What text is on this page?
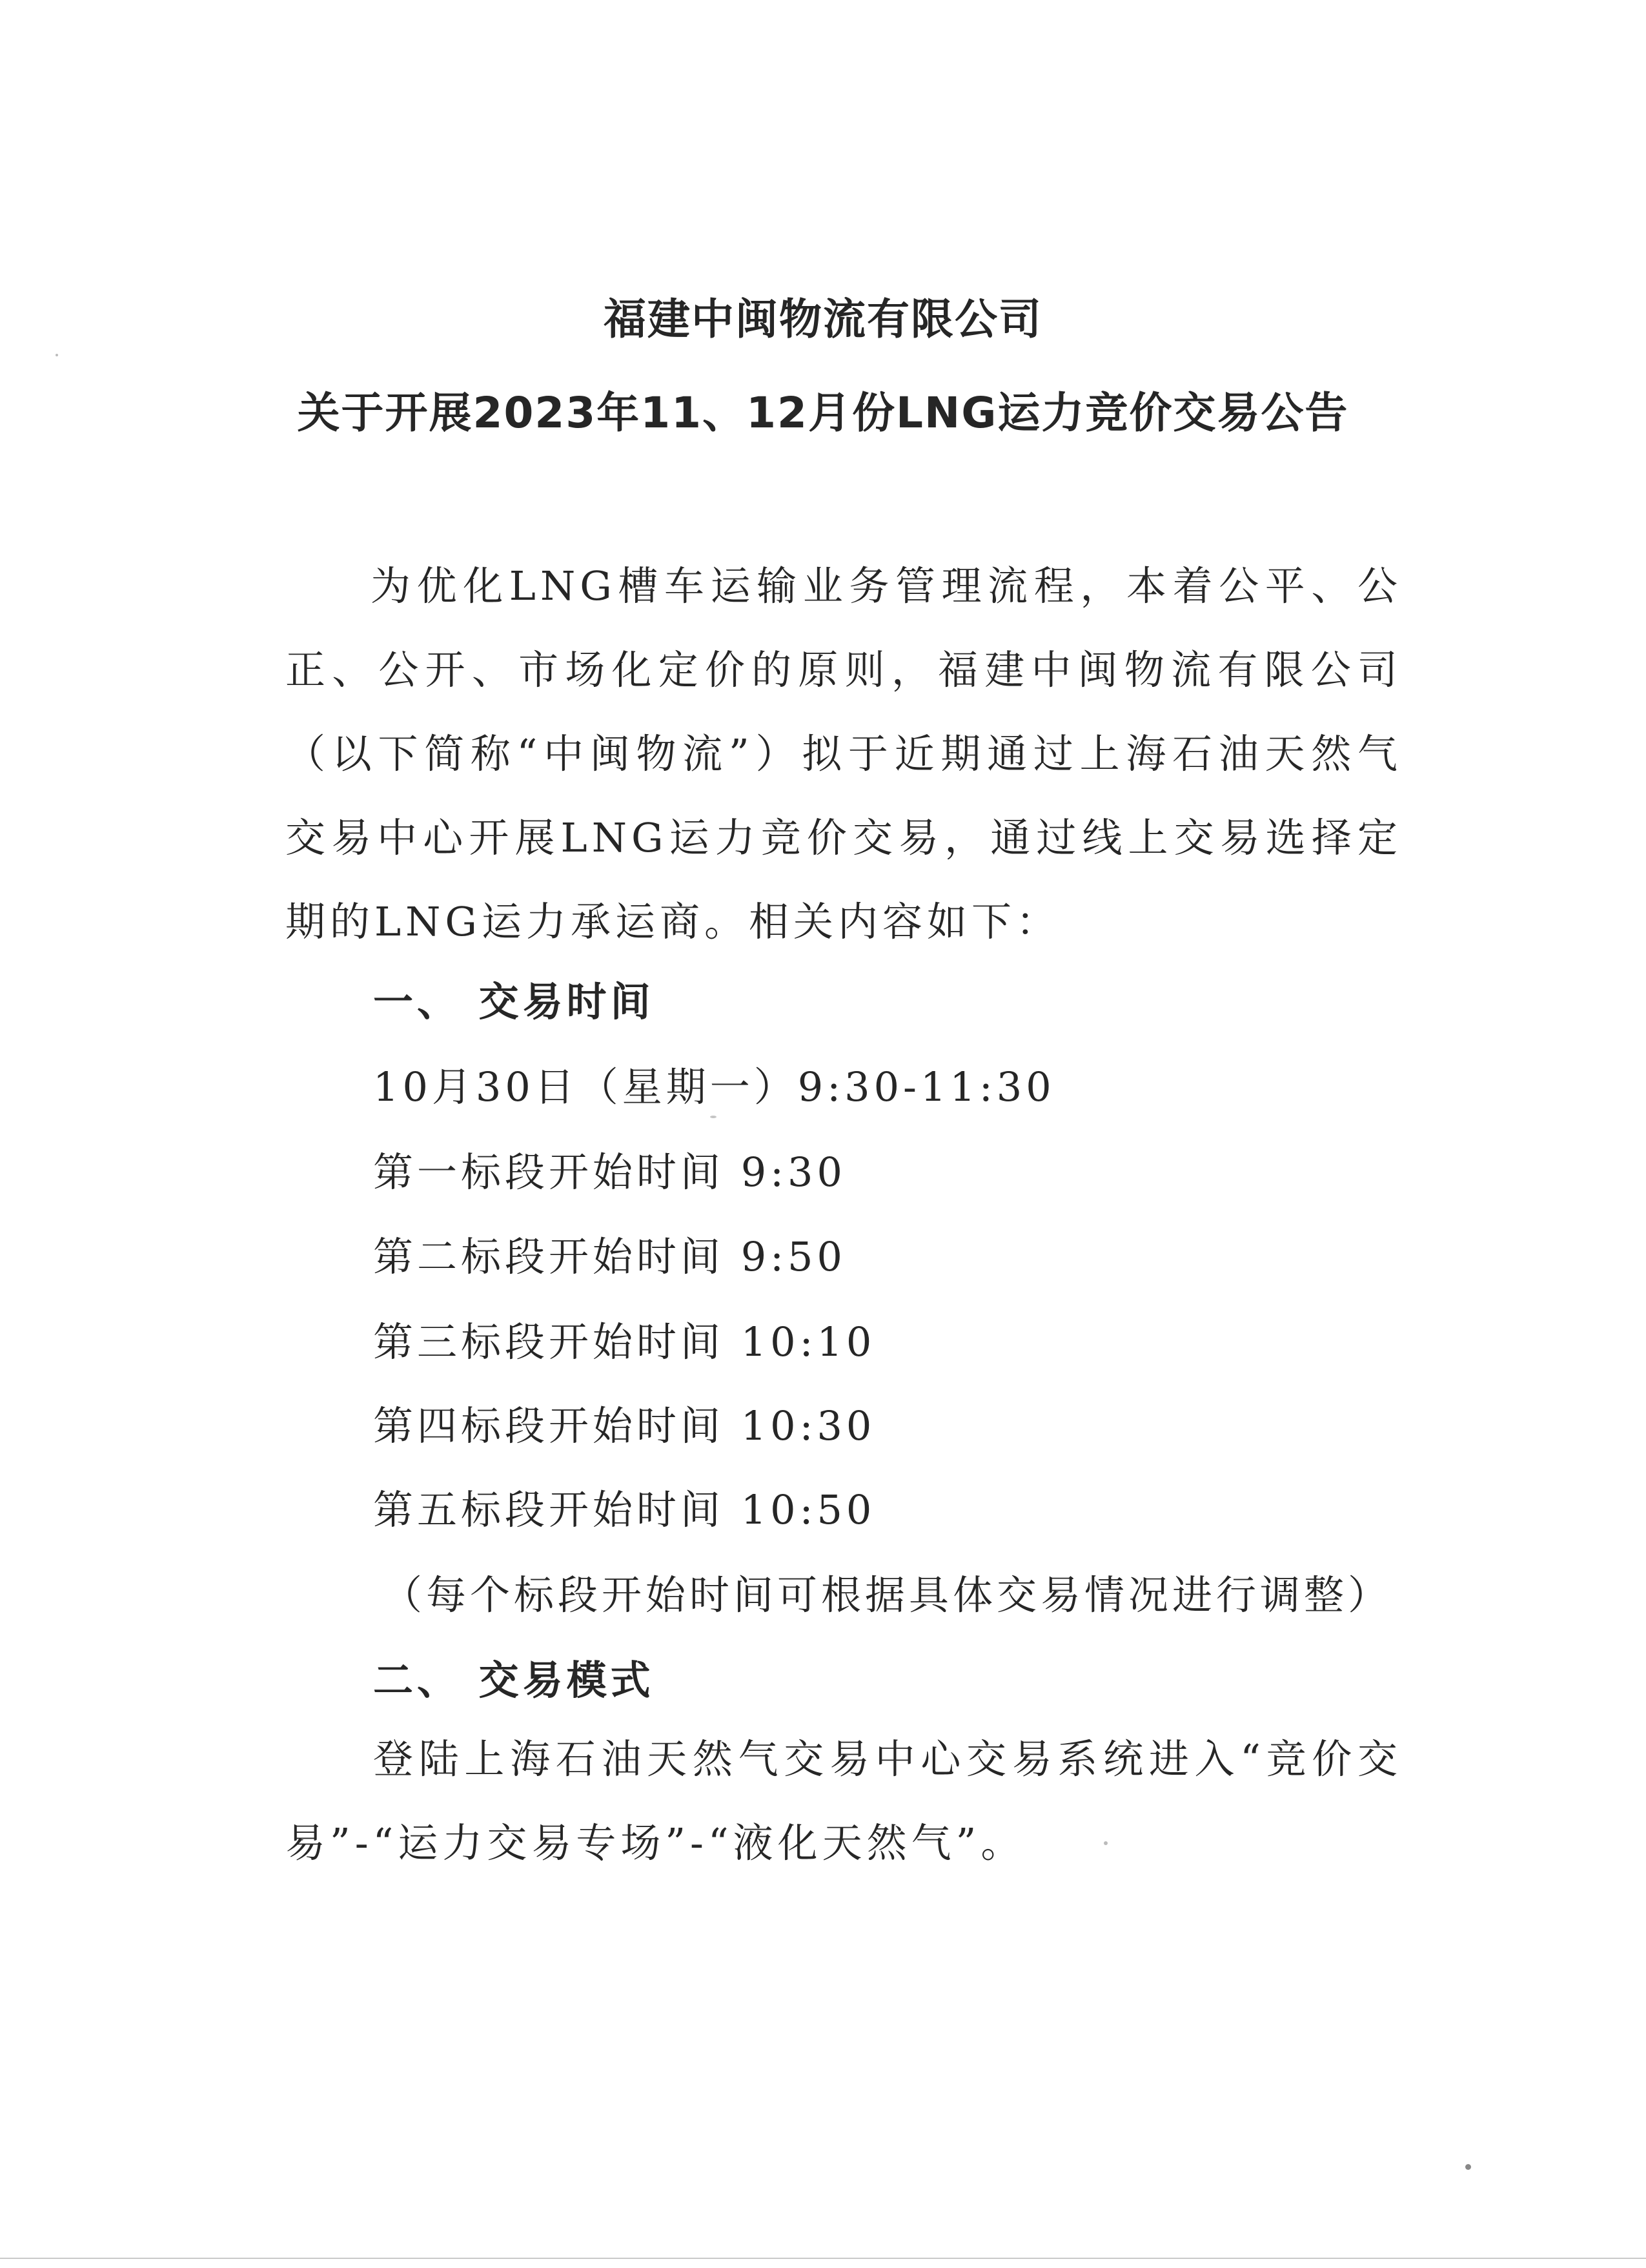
福建中闽物流有限公司
关于开展2023年11、12月份LNG运力竞价交易公告
为优化LNG槽车运输业务管理流程，本着公平、公正、公开、市场化定价的原则，福建中闽物流有限公司（以下简称“中闽物流”）拟于近期通过上海石油天然气交易中心开展LNG运力竞价交易，通过线上交易选择定期的LNG运力承运商。相关内容如下：
一、 交易时间
10月30日（星期一）9:30-11:30
第一标段开始时间 9:30
第二标段开始时间 9:50
第三标段开始时间 10:10
第四标段开始时间 10:30
第五标段开始时间 10:50
（每个标段开始时间可根据具体交易情况进行调整）
二、 交易模式
登陆上海石油天然气交易中心交易系统进入“竞价交易”-“运力交易专场”-“液化天然气”。
